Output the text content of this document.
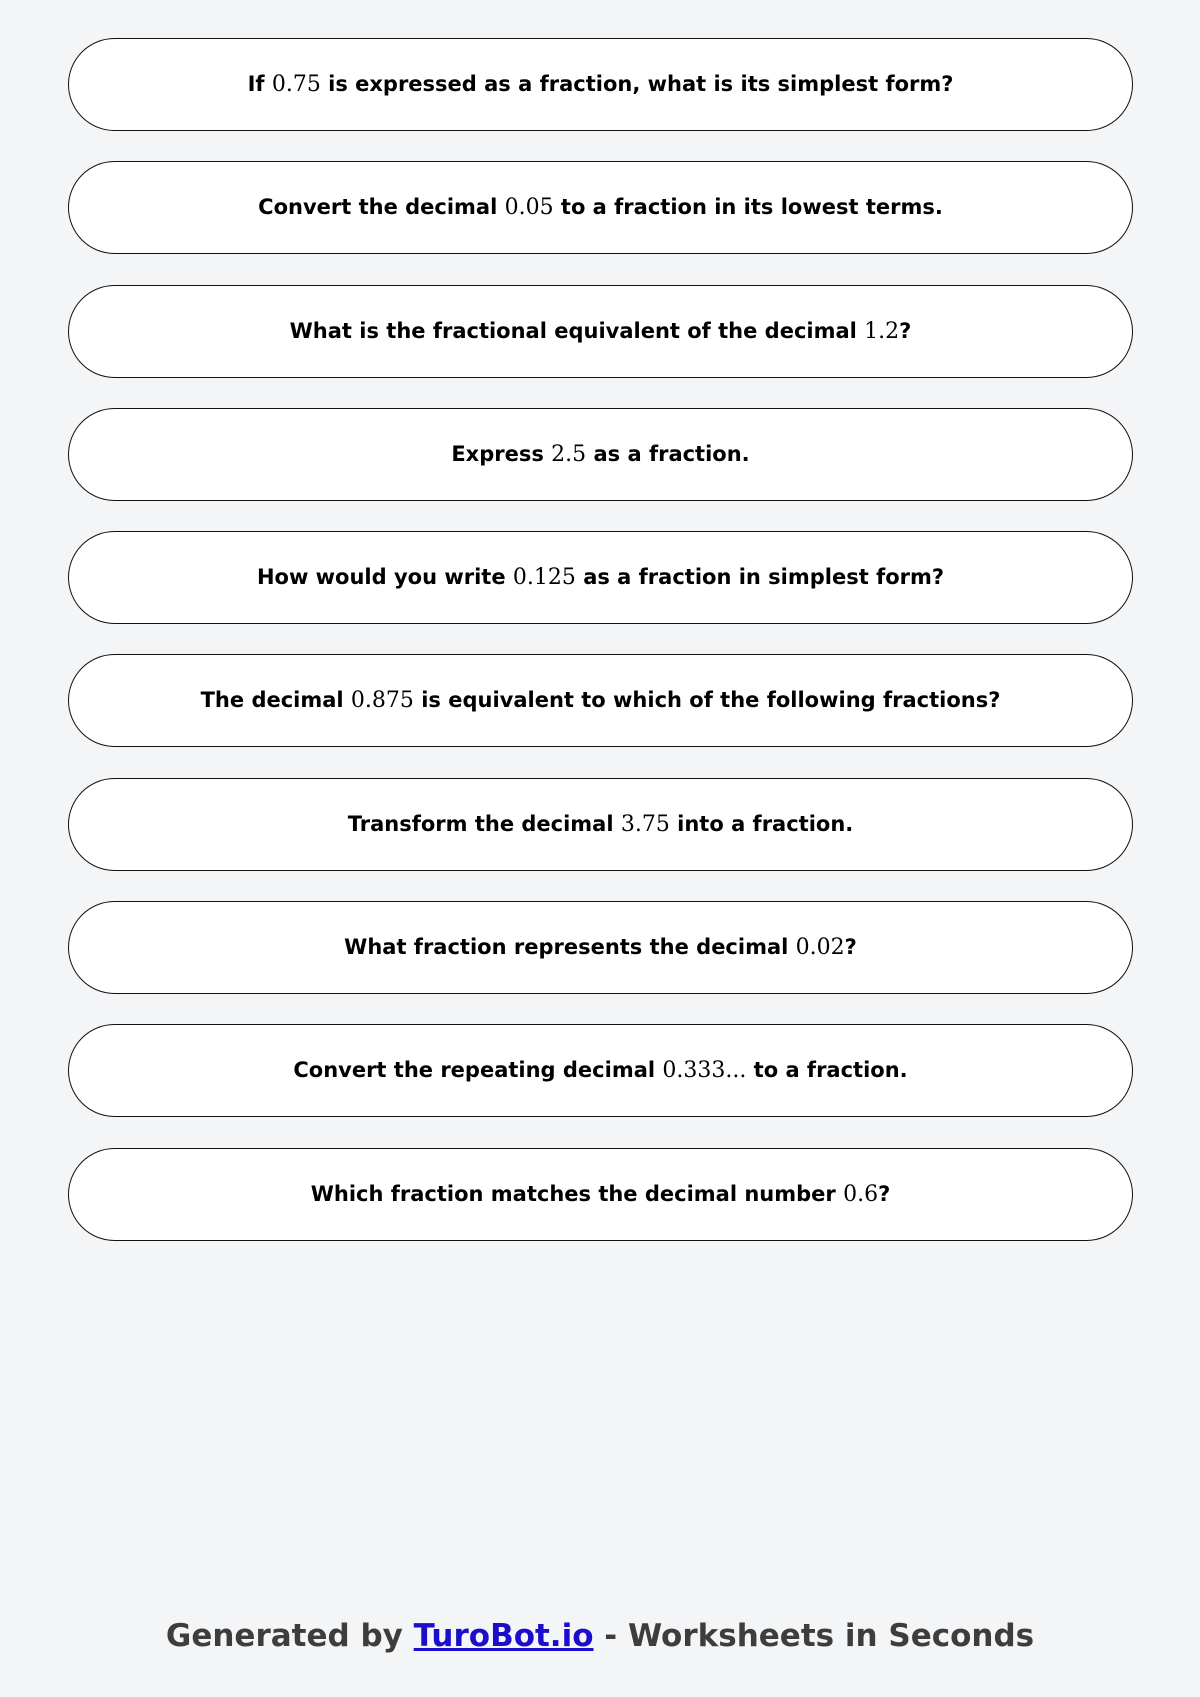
If 0.75 is expressed as a fraction, what is its simplest form?
Convert the decimal 0.05 to a fraction in its lowest terms.
What is the fractional equivalent of the decimal 1.2?
Express 2.5 as a fraction.
How would you write 0.125 as a fraction in simplest form?
The decimal 0.875 is equivalent to which of the following fractions?
Transform the decimal 3.75 into a fraction.
What fraction represents the decimal 0.02?
Convert the repeating decimal 0.333... to a fraction.
Which fraction matches the decimal number 0.6?
Generated by TuroBot.io - Worksheets in Seconds
